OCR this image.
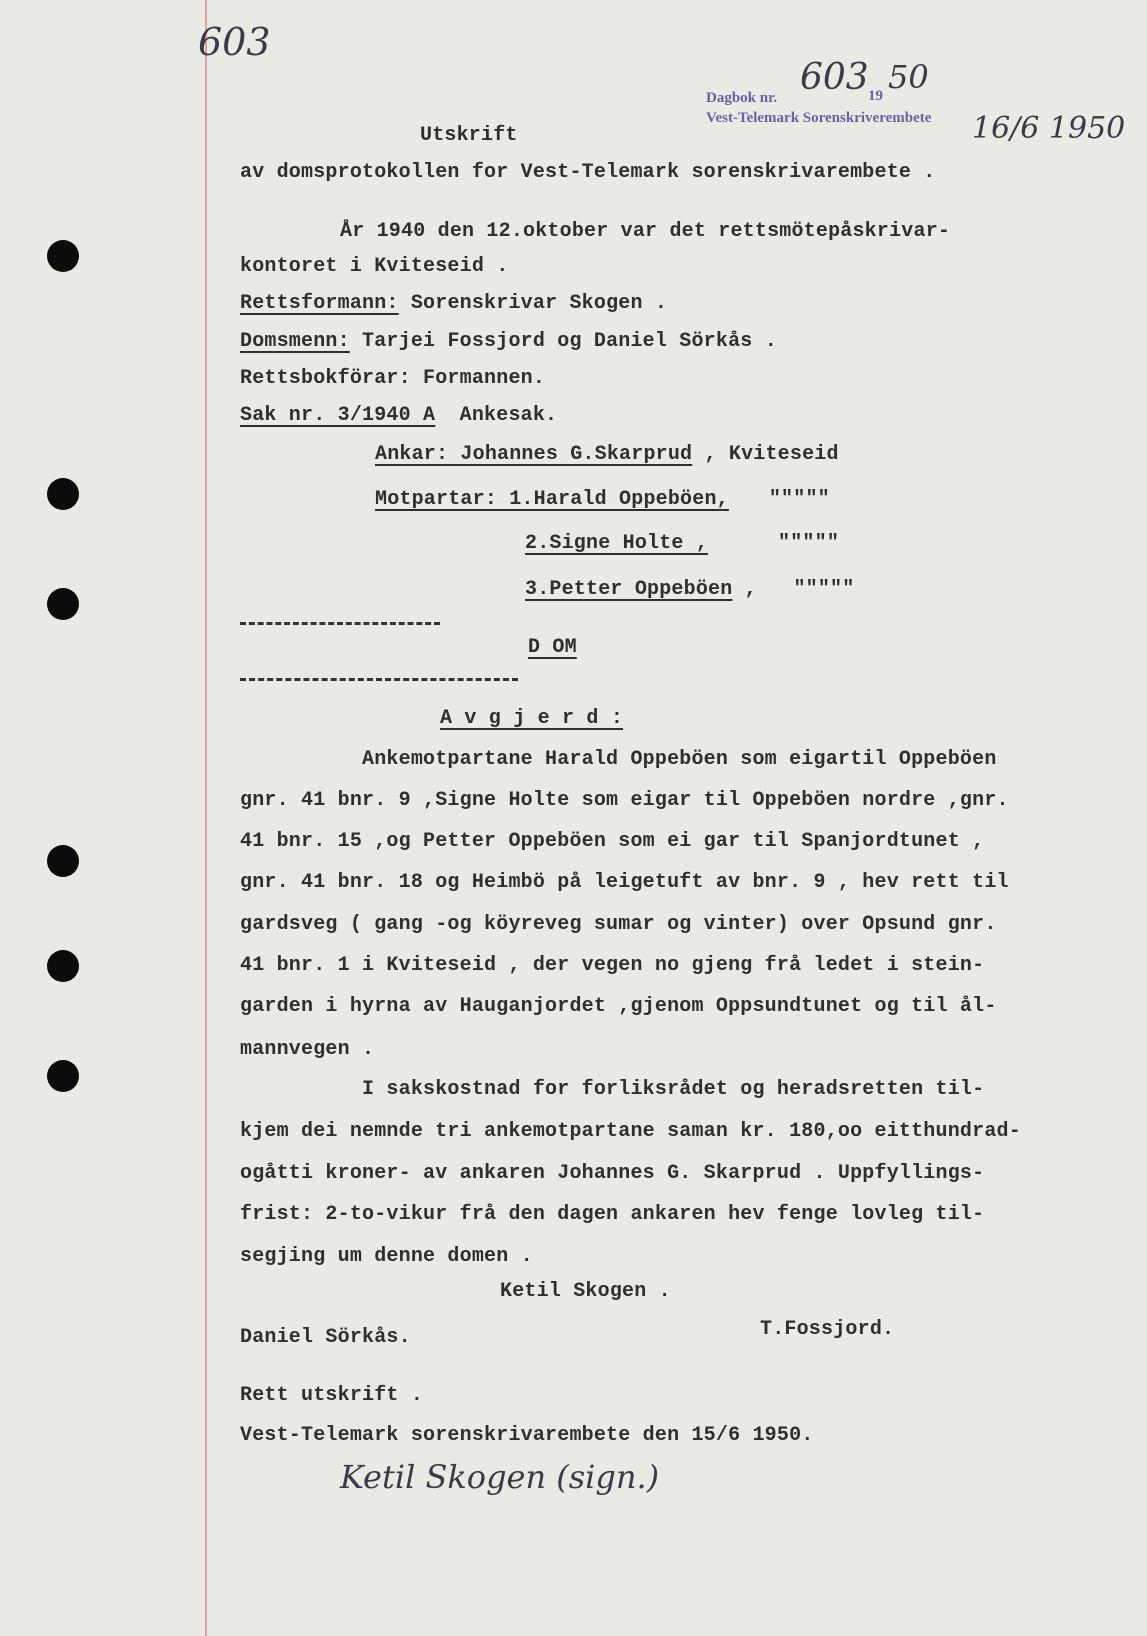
603
Dagbok nr. 603 19 50
Vest-Telemark Sorenskriverembete 16/6 1950
Utskrift
av domsprotokollen for Vest-Telemark sorenskrivarembete .
År 1940 den 12.oktober var det rettsmötepåskrivar-
kontoret i Kviteseid .
Rettsformann: Sorenskrivar Skogen .
Domsmenn: Tarjei Fossjord og Daniel Sörkås .
Rettsbokförar: Formannen.
Sak nr. 3/1940 A  Ankesak.
Ankar: Johannes G.Skarprud , Kviteseid
Motpartar: 1.Harald Oppeböen, """""
2.Signe Holte ,	"""""
3.Petter Oppeböen ,   """""
D OM
A v g j e r d :
Ankemotpartane Harald Oppeböen som eigartil Oppeböen
gnr. 41 bnr. 9 ,Signe Holte som eigar til Oppeböen nordre ,gnr.
41 bnr. 15 ,og Petter Oppeböen som ei gar til Spanjordtunet ,
gnr. 41 bnr. 18 og Heimbö på leigetuft av bnr. 9 , hev rett til
gardsveg ( gang -og köyreveg sumar og vinter) over Opsund gnr.
41 bnr. 1 i Kviteseid , der vegen no gjeng frå ledet i stein-
garden i hyrna av Hauganjordet ,gjenom Oppsundtunet og til ål-
mannvegen .
I sakskostnad for forliksrådet og heradsretten til-
kjem dei nemnde tri ankemotpartane saman kr. 180,oo eitthundrad-
ogåtti kroner- av ankaren Johannes G. Skarprud . Uppfyllings-
frist: 2-to-vikur frå den dagen ankaren hev fenge lovleg til-
segjing um denne domen .
Ketil Skogen .
Daniel Sörkås.	T.Fossjord.
Rett utskrift .
Vest-Telemark sorenskrivarembete den 15/6 1950.
Ketil Skogen (sign.)
